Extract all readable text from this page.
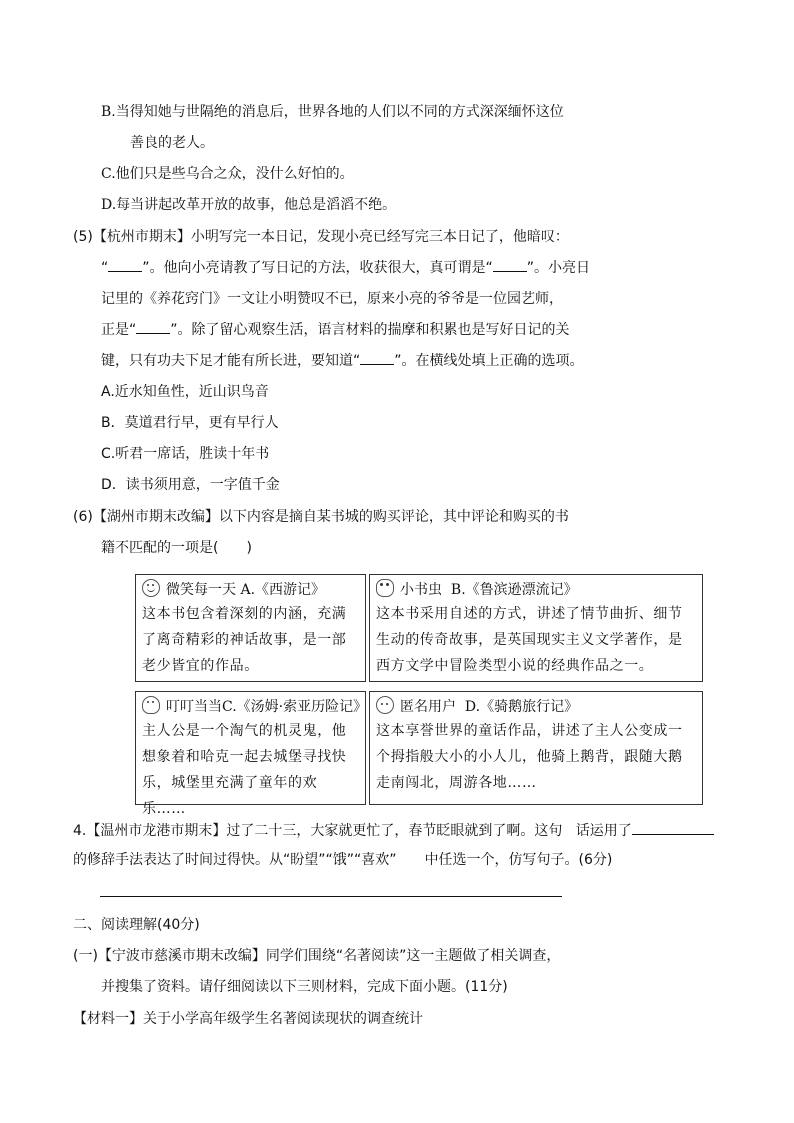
B.当得知她与世隔绝的消息后，世界各地的人们以不同的方式深深缅怀这位
善良的老人。
C.他们只是些乌合之众，没什么好怕的。
D.每当讲起改革开放的故事，他总是滔滔不绝。
(5)【杭州市期末】小明写完一本日记，发现小亮已经写完三本日记了，他暗叹：
“ ”。他向小亮请教了写日记的方法，收获很大，真可谓是“ ”。小亮日
记里的《养花窍门》一文让小明赞叹不已，原来小亮的爷爷是一位园艺师，
正是“ ”。除了留心观察生活，语言材料的揣摩和积累也是写好日记的关
键，只有功夫下足才能有所长进，要知道“ ”。在横线处填上正确的选项。
A.近水知鱼性，近山识鸟音
B．莫道君行早，更有早行人
C.听君一席话，胜读十年书
D．读书须用意，一字值千金
(6)【湖州市期末改编】以下内容是摘自某书城的购买评论，其中评论和购买的书
籍不匹配的一项是(　　)
微笑每一天 A.《西游记》
这本书包含着深刻的内涵，充满了离奇精彩的神话故事，是一部老少皆宜的作品。
小书虫 B.《鲁滨逊漂流记》
这本书采用自述的方式，讲述了情节曲折、细节生动的传奇故事，是英国现实主义文学著作，是西方文学中冒险类型小说的经典作品之一。
叮叮当当C.《汤姆·索亚历险记》
主人公是一个淘气的机灵鬼，他想象着和哈克一起去城堡寻找快乐，城堡里充满了童年的欢乐……
匿名用户 D.《骑鹅旅行记》
这本享誉世界的童话作品，讲述了主人公变成一个拇指般大小的小人儿，他骑上鹅背，跟随大鹅走南闯北，周游各地……
4.【温州市龙港市期末】过了二十三，大家就更忙了，春节眨眼就到了啊。这句 话运用了
的修辞手法表达了时间过得快。从“盼望”“饿”“喜欢”　　中任选一个，仿写句子。(6分)
二、阅读理解(40分)
(一)【宁波市慈溪市期末改编】同学们围绕“名著阅读”这一主题做了相关调查，
并搜集了资料。请仔细阅读以下三则材料，完成下面小题。(11分)
【材料一】关于小学高年级学生名著阅读现状的调查统计
